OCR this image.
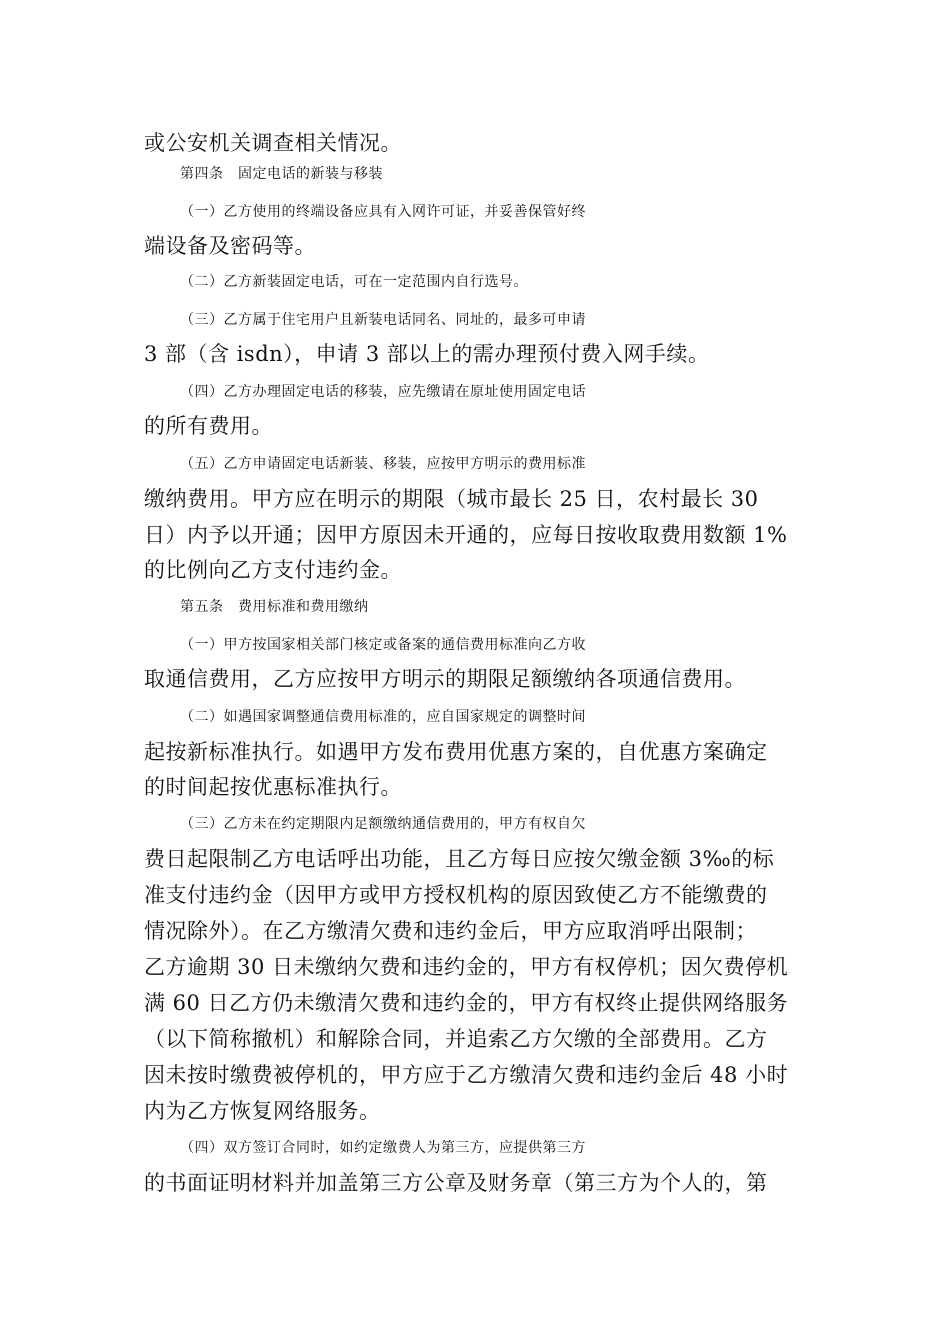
或公安机关调查相关情况。
第四条　固定电话的新装与移装
（一）乙方使用的终端设备应具有入网许可证，并妥善保管好终
端设备及密码等。
（二）乙方新装固定电话，可在一定范围内自行选号。
（三）乙方属于住宅用户且新装电话同名、同址的，最多可申请
3 部（含 isdn），申请 3 部以上的需办理预付费入网手续。
（四）乙方办理固定电话的移装，应先缴请在原址使用固定电话
的所有费用。
（五）乙方申请固定电话新装、移装，应按甲方明示的费用标准
缴纳费用。甲方应在明示的期限（城市最长 25 日，农村最长 30
日）内予以开通；因甲方原因未开通的，应每日按收取费用数额 1%
的比例向乙方支付违约金。
第五条　费用标准和费用缴纳
（一）甲方按国家相关部门核定或备案的通信费用标准向乙方收
取通信费用，乙方应按甲方明示的期限足额缴纳各项通信费用。
（二）如遇国家调整通信费用标准的，应自国家规定的调整时间
起按新标准执行。如遇甲方发布费用优惠方案的，自优惠方案确定
的时间起按优惠标准执行。
（三）乙方未在约定期限内足额缴纳通信费用的，甲方有权自欠
费日起限制乙方电话呼出功能，且乙方每日应按欠缴金额 3‰的标
准支付违约金（因甲方或甲方授权机构的原因致使乙方不能缴费的
情况除外）。在乙方缴清欠费和违约金后，甲方应取消呼出限制；
乙方逾期 30 日未缴纳欠费和违约金的，甲方有权停机；因欠费停机
满 60 日乙方仍未缴清欠费和违约金的，甲方有权终止提供网络服务
（以下简称撤机）和解除合同，并追索乙方欠缴的全部费用。乙方
因未按时缴费被停机的，甲方应于乙方缴清欠费和违约金后 48 小时
内为乙方恢复网络服务。
（四）双方签订合同时，如约定缴费人为第三方，应提供第三方
的书面证明材料并加盖第三方公章及财务章（第三方为个人的，第
